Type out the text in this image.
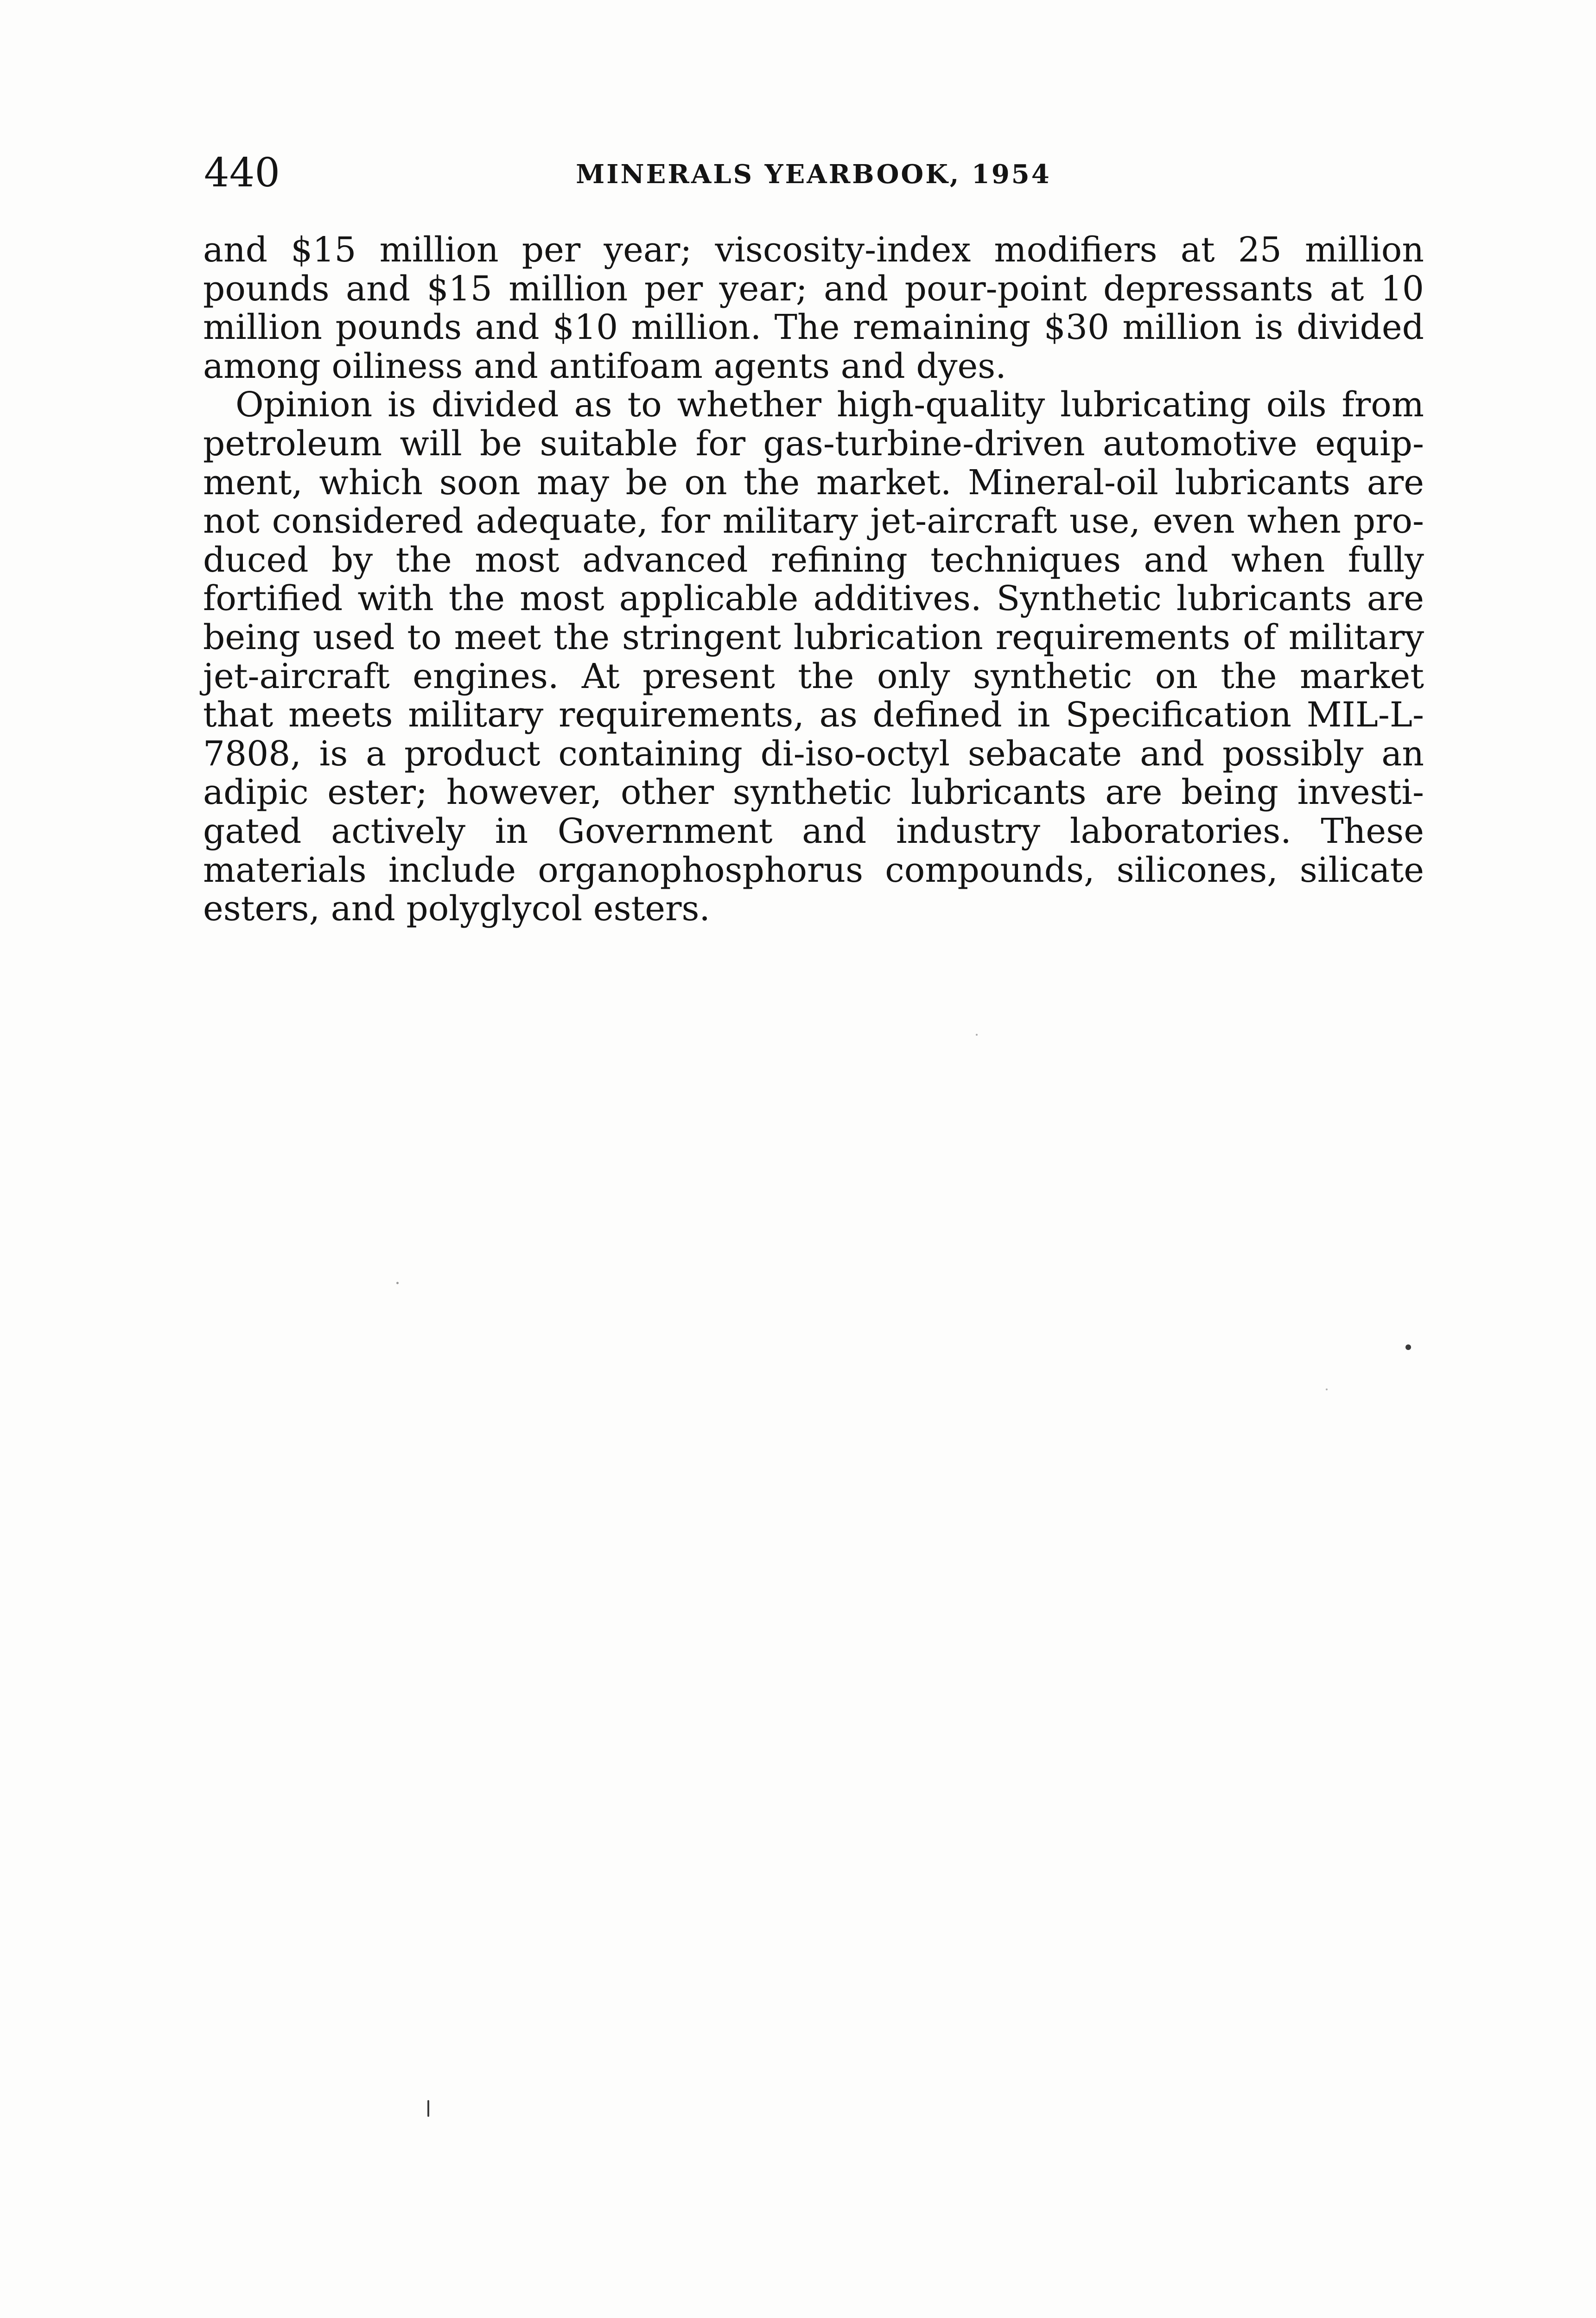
440	MINERALS YEARBOOK, 1954
and $15 million per year; viscosity-index modifiers at 25 million
pounds and $15 million per year; and pour-point depressants at 10
million pounds and $10 million. The remaining $30 million is divided
among oiliness and antifoam agents and dyes.
Opinion is divided as to whether high-quality lubricating oils from
petroleum will be suitable for gas-turbine-driven automotive equip-
ment, which soon may be on the market. Mineral-oil lubricants are
not considered adequate, for military jet-aircraft use, even when pro-
duced by the most advanced refining techniques and when fully
fortified with the most applicable additives. Synthetic lubricants are
being used to meet the stringent lubrication requirements of military
jet-aircraft engines. At present the only synthetic on the market
that meets military requirements, as defined in Specification MIL-L-
7808, is a product containing di-iso-octyl sebacate and possibly an
adipic ester; however, other synthetic lubricants are being investi-
gated actively in Government and industry laboratories. These
materials include organophosphorus compounds, silicones, silicate
esters, and polyglycol esters.
